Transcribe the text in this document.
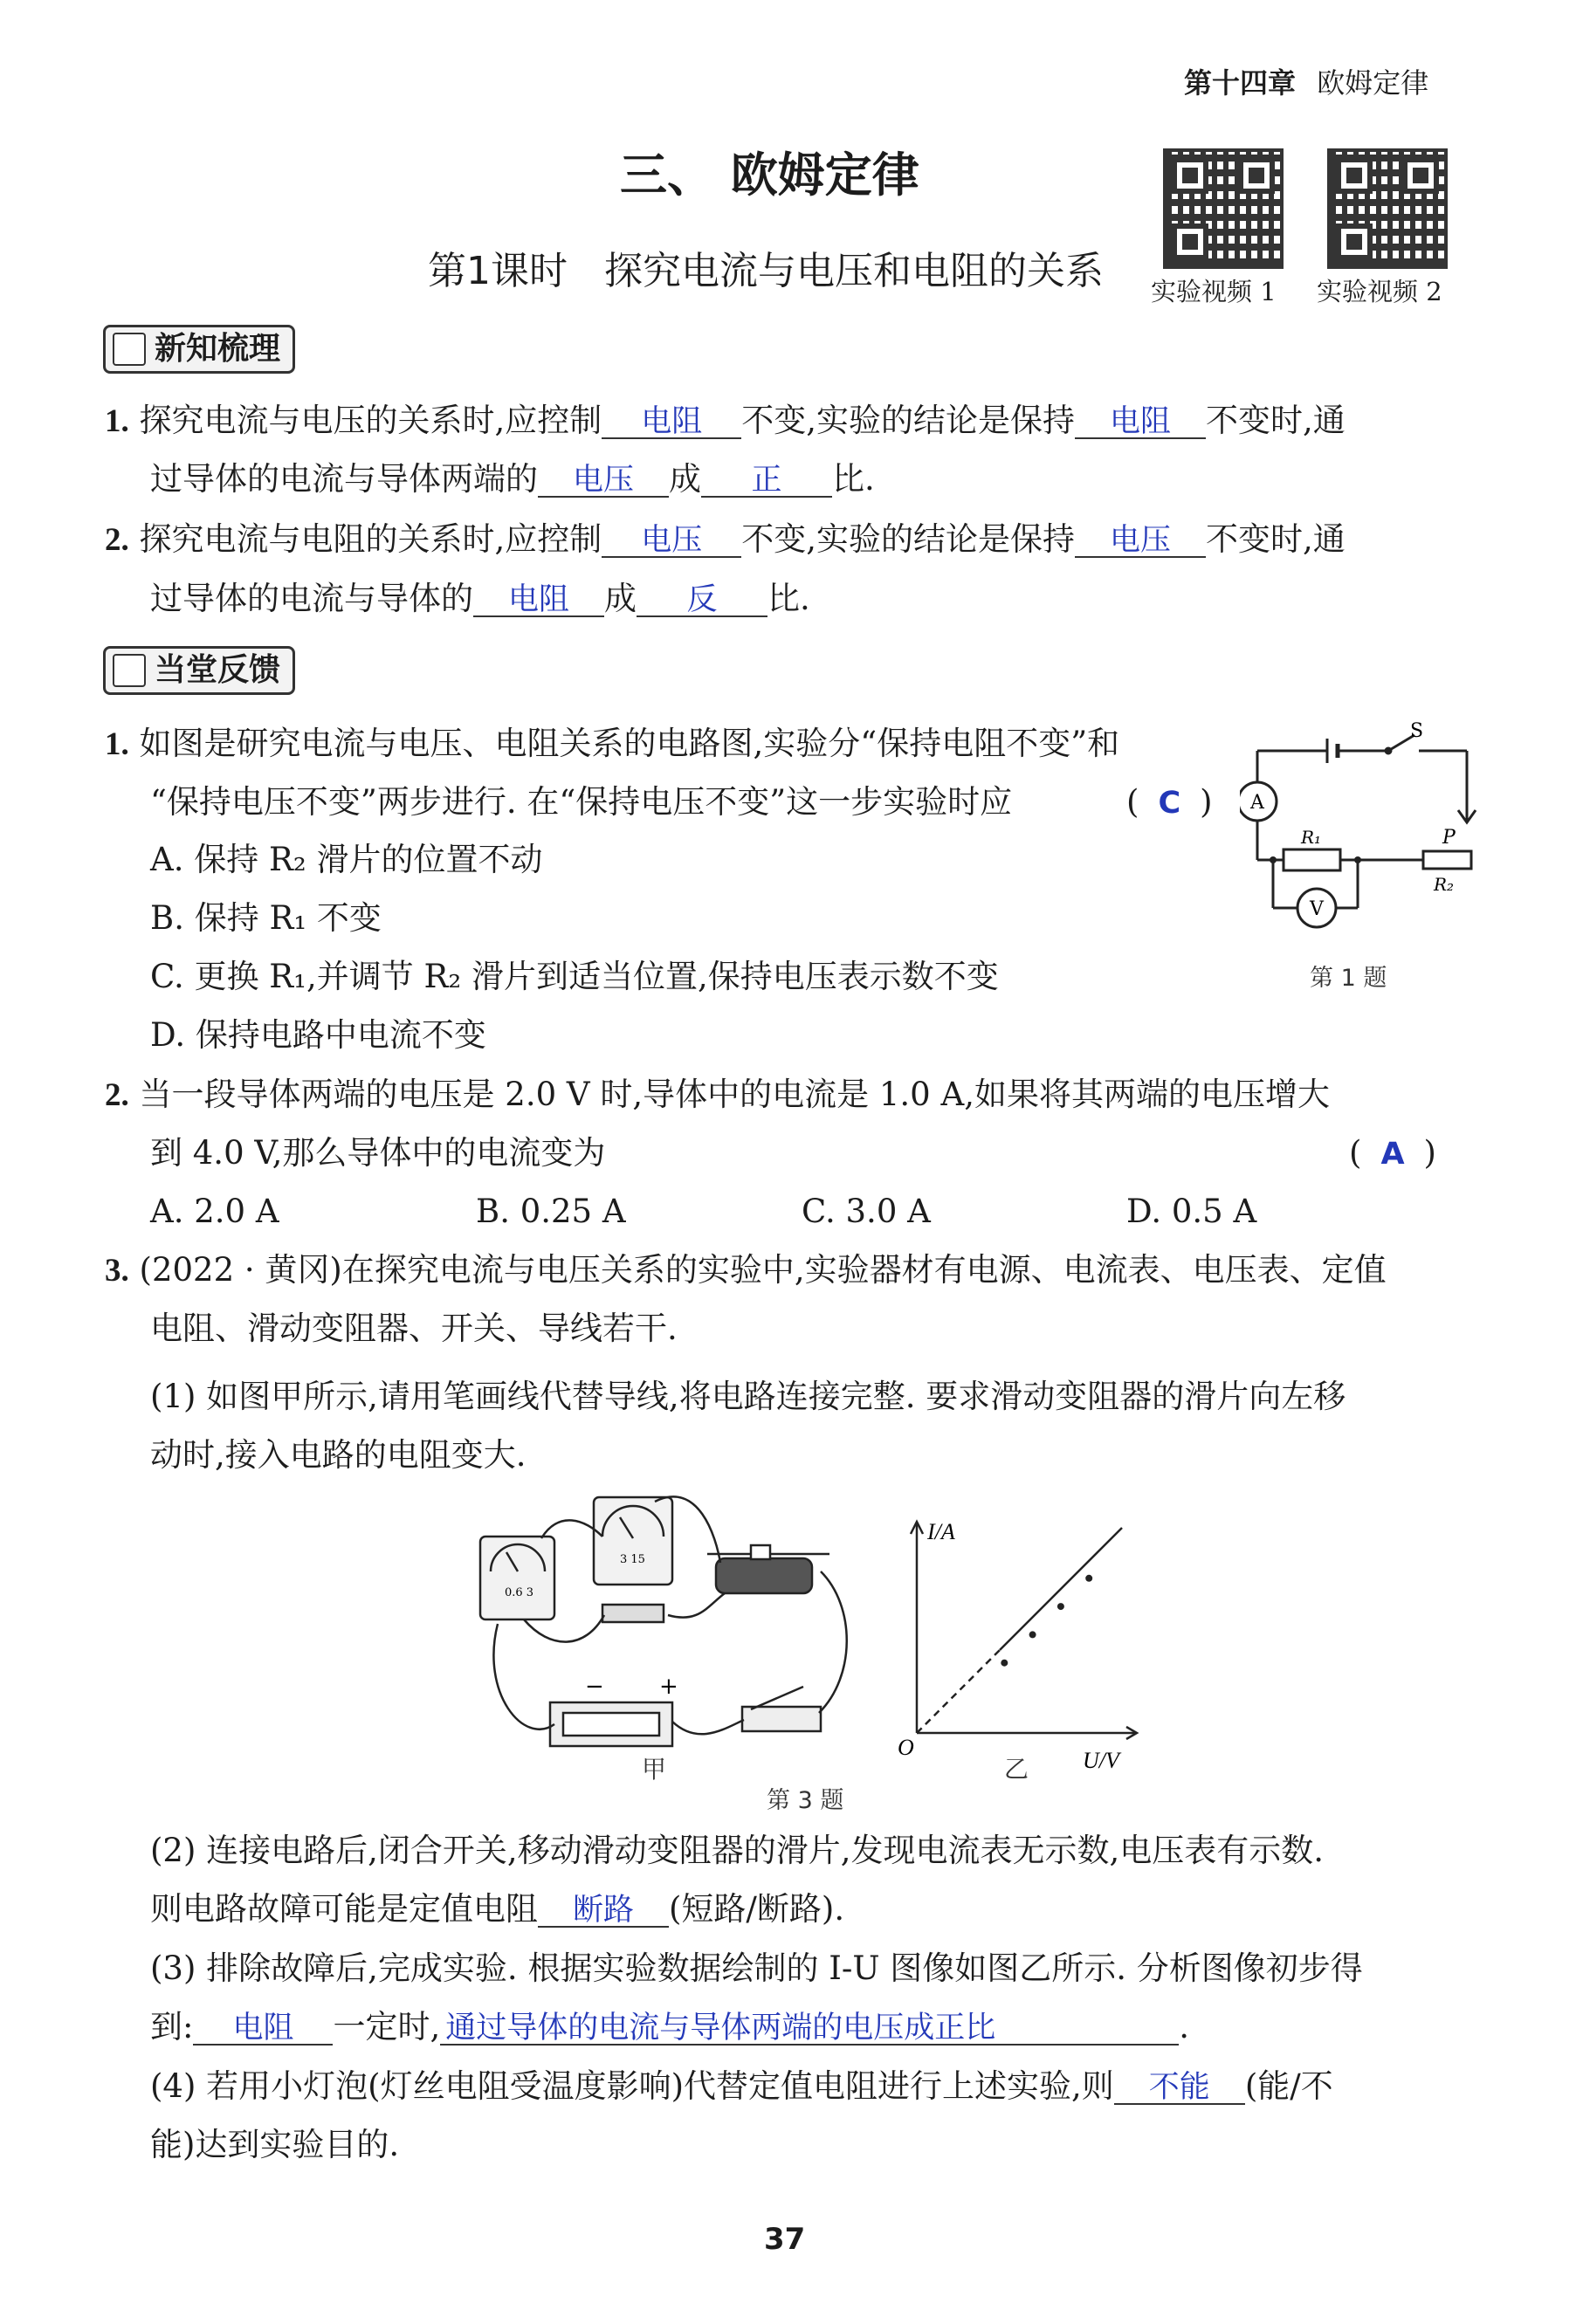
第十四章 欧姆定律
三、 欧姆定律
第1课时   探究电流与电压和电阻的关系 实验视频 1 实验视频 2
新知梳理
1. 探究电流与电压的关系时,应控制 电阻 不变,实验的结论是保持 电阻 不变时,通
过导体的电流与导体两端的 电压 成 正 比.
2. 探究电流与电阻的关系时,应控制 电压 不变,实验的结论是保持 电压 不变时,通
过导体的电流与导体的 电阻 成 反 比.
当堂反馈
1. 如图是研究电流与电压、电阻关系的电路图,实验分“保持电阻不变”和
“保持电压不变”两步进行. 在“保持电压不变”这一步实验时应	( C )
A. 保持 R₂ 滑片的位置不动
B. 保持 R₁ 不变
C. 更换 R₁,并调节 R₂ 滑片到适当位置,保持电压表示数不变
D. 保持电路中电流不变
S
A
V
R₁	P
R₂
第 1 题
2. 当一段导体两端的电压是 2.0 V 时,导体中的电流是 1.0 A,如果将其两端的电压增大
到 4.0 V,那么导体中的电流变为	( A )
A. 2.0 A	B. 0.25 A	C. 3.0 A	D. 0.5 A
3. (2022 · 黄冈)在探究电流与电压关系的实验中,实验器材有电源、电流表、电压表、定值
电阻、滑动变阻器、开关、导线若干.
(1) 如图甲所示,请用笔画线代替导线,将电路连接完整. 要求滑动变阻器的滑片向左移
动时,接入电路的电阻变大.
0.6 3
3 15
− +
甲
I/A
U/V
O
乙
第 3 题
(2) 连接电路后,闭合开关,移动滑动变阻器的滑片,发现电流表无示数,电压表有示数.
则电路故障可能是定值电阻 断路 (短路/断路).
(3) 排除故障后,完成实验. 根据实验数据绘制的 I-U 图像如图乙所示. 分析图像初步得
到: 电阻 一定时, 通过导体的电流与导体两端的电压成正比	.
(4) 若用小灯泡(灯丝电阻受温度影响)代替定值电阻进行上述实验,则 不能 (能/不
能)达到实验目的.
37
